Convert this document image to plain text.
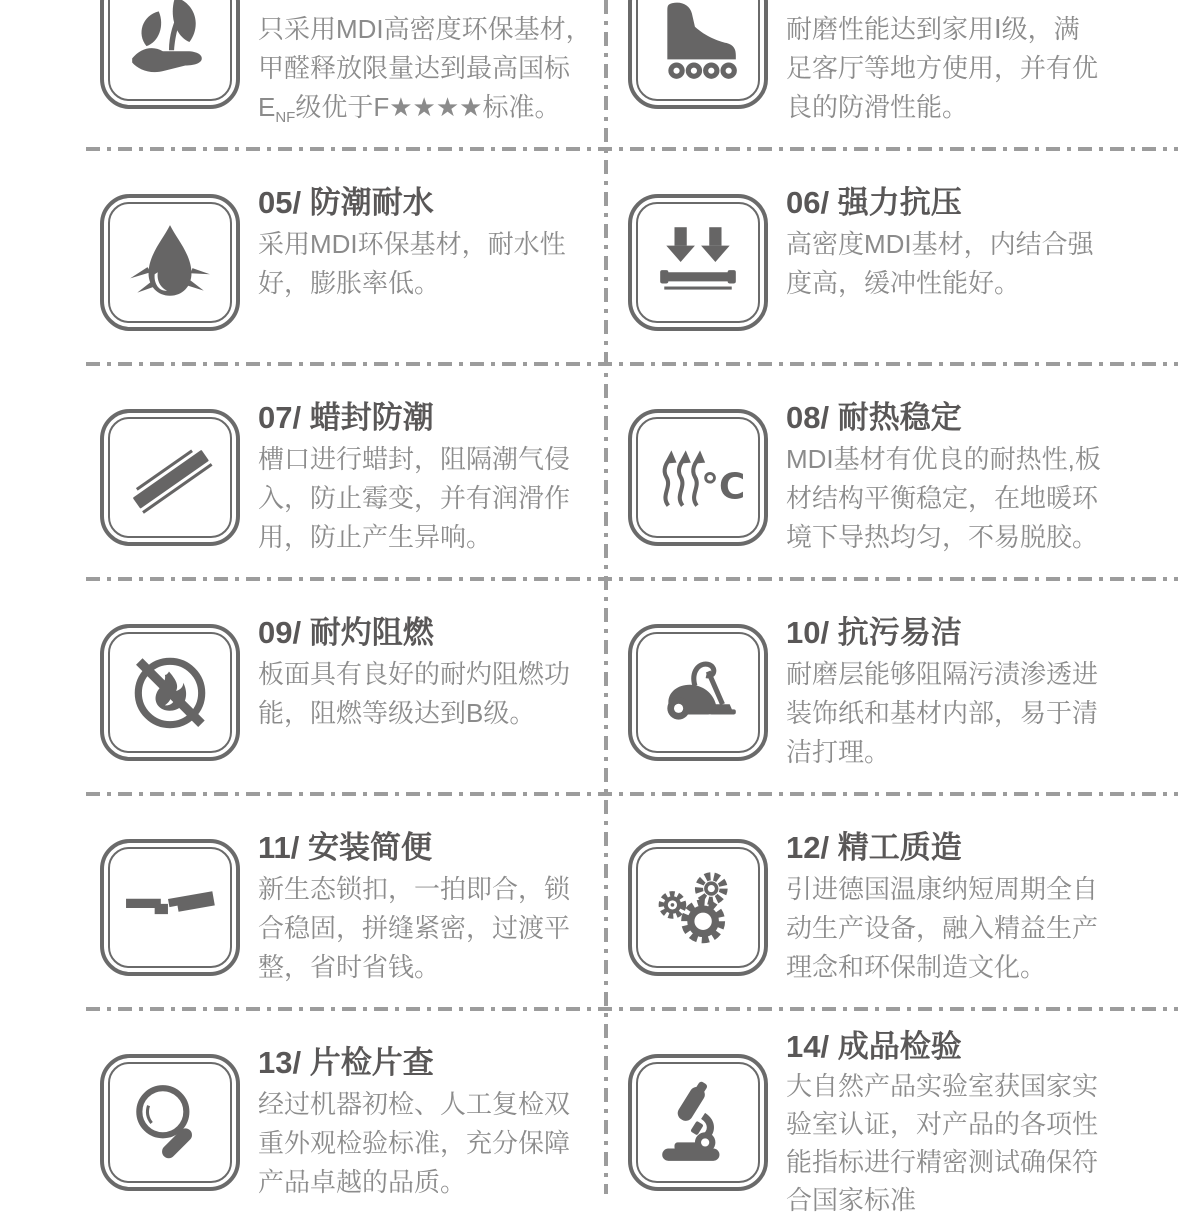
只采用MDI高密度环保基材，
甲醛释放限量达到最高国标
$E_{NF}$级优于F★★★★标准。
耐磨性能达到家用Ⅰ级，满
足客厅等地方使用，并有优
良的防滑性能。
05/ 防潮耐水
采用MDI环保基材，耐水性
好，膨胀率低。
06/ 强力抗压
高密度MDI基材，内结合强
度高，缓冲性能好。
07/ 蜡封防潮
槽口进行蜡封，阻隔潮气侵
入，防止霉变，并有润滑作
用，防止产生异响。
°C
08/ 耐热稳定
MDI基材有优良的耐热性,板
材结构平衡稳定，在地暖环
境下导热均匀，不易脱胶。
09/ 耐灼阻燃
板面具有良好的耐灼阻燃功
能，阻燃等级达到B级。
10/ 抗污易洁
耐磨层能够阻隔污渍渗透进
装饰纸和基材内部，易于清
洁打理。
11/ 安装简便
新生态锁扣，一拍即合，锁
合稳固，拼缝紧密，过渡平
整，省时省钱。
12/ 精工质造
引进德国温康纳短周期全自
动生产设备，融入精益生产
理念和环保制造文化。
13/ 片检片查
经过机器初检、人工复检双
重外观检验标准，充分保障
产品卓越的品质。
14/ 成品检验
大自然产品实验室获国家实
验室认证，对产品的各项性
能指标进行精密测试确保符
合国家标准
